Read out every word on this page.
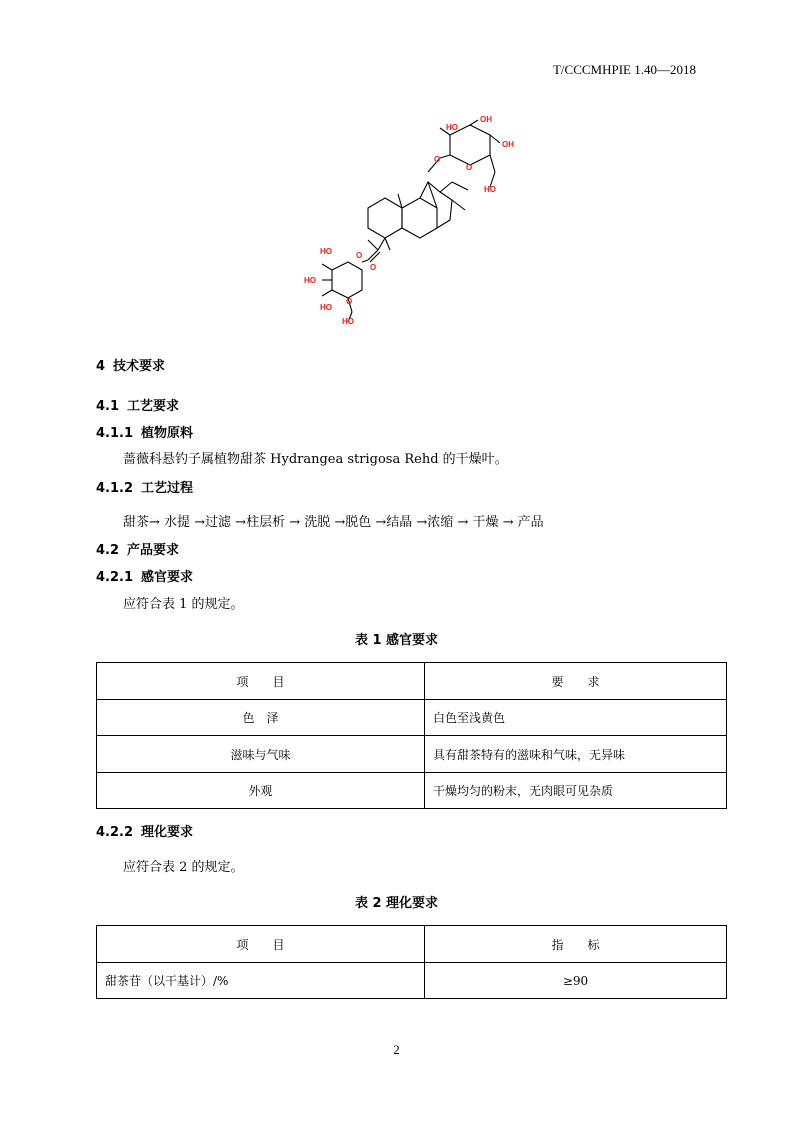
T/CCCMHPIE 1.40—2018
HO
OH
OH
O
O
HO
HO
HO
HO
O
O
O
HO
4 技术要求
4.1 工艺要求
4.1.1 植物原料
蔷薇科悬钓子属植物甜茶 Hydrangea strigosa Rehd 的干燥叶。
4.1.2 工艺过程
甜茶→ 水提 →过滤 →柱层析 → 洗脱 →脱色 →结晶 →浓缩 → 干燥 → 产品
4.2 产品要求
4.2.1 感官要求
应符合表 1 的规定。
表 1 感官要求
项　　目	要　　求
色　泽	白色至浅黄色
滋味与气味	具有甜茶特有的滋味和气味，无异味
外观	干燥均匀的粉末，无肉眼可见杂质
4.2.2 理化要求
应符合表 2 的规定。
表 2 理化要求
项　　目	指　　标
甜茶苷（以干基计）/%	≥90
2
